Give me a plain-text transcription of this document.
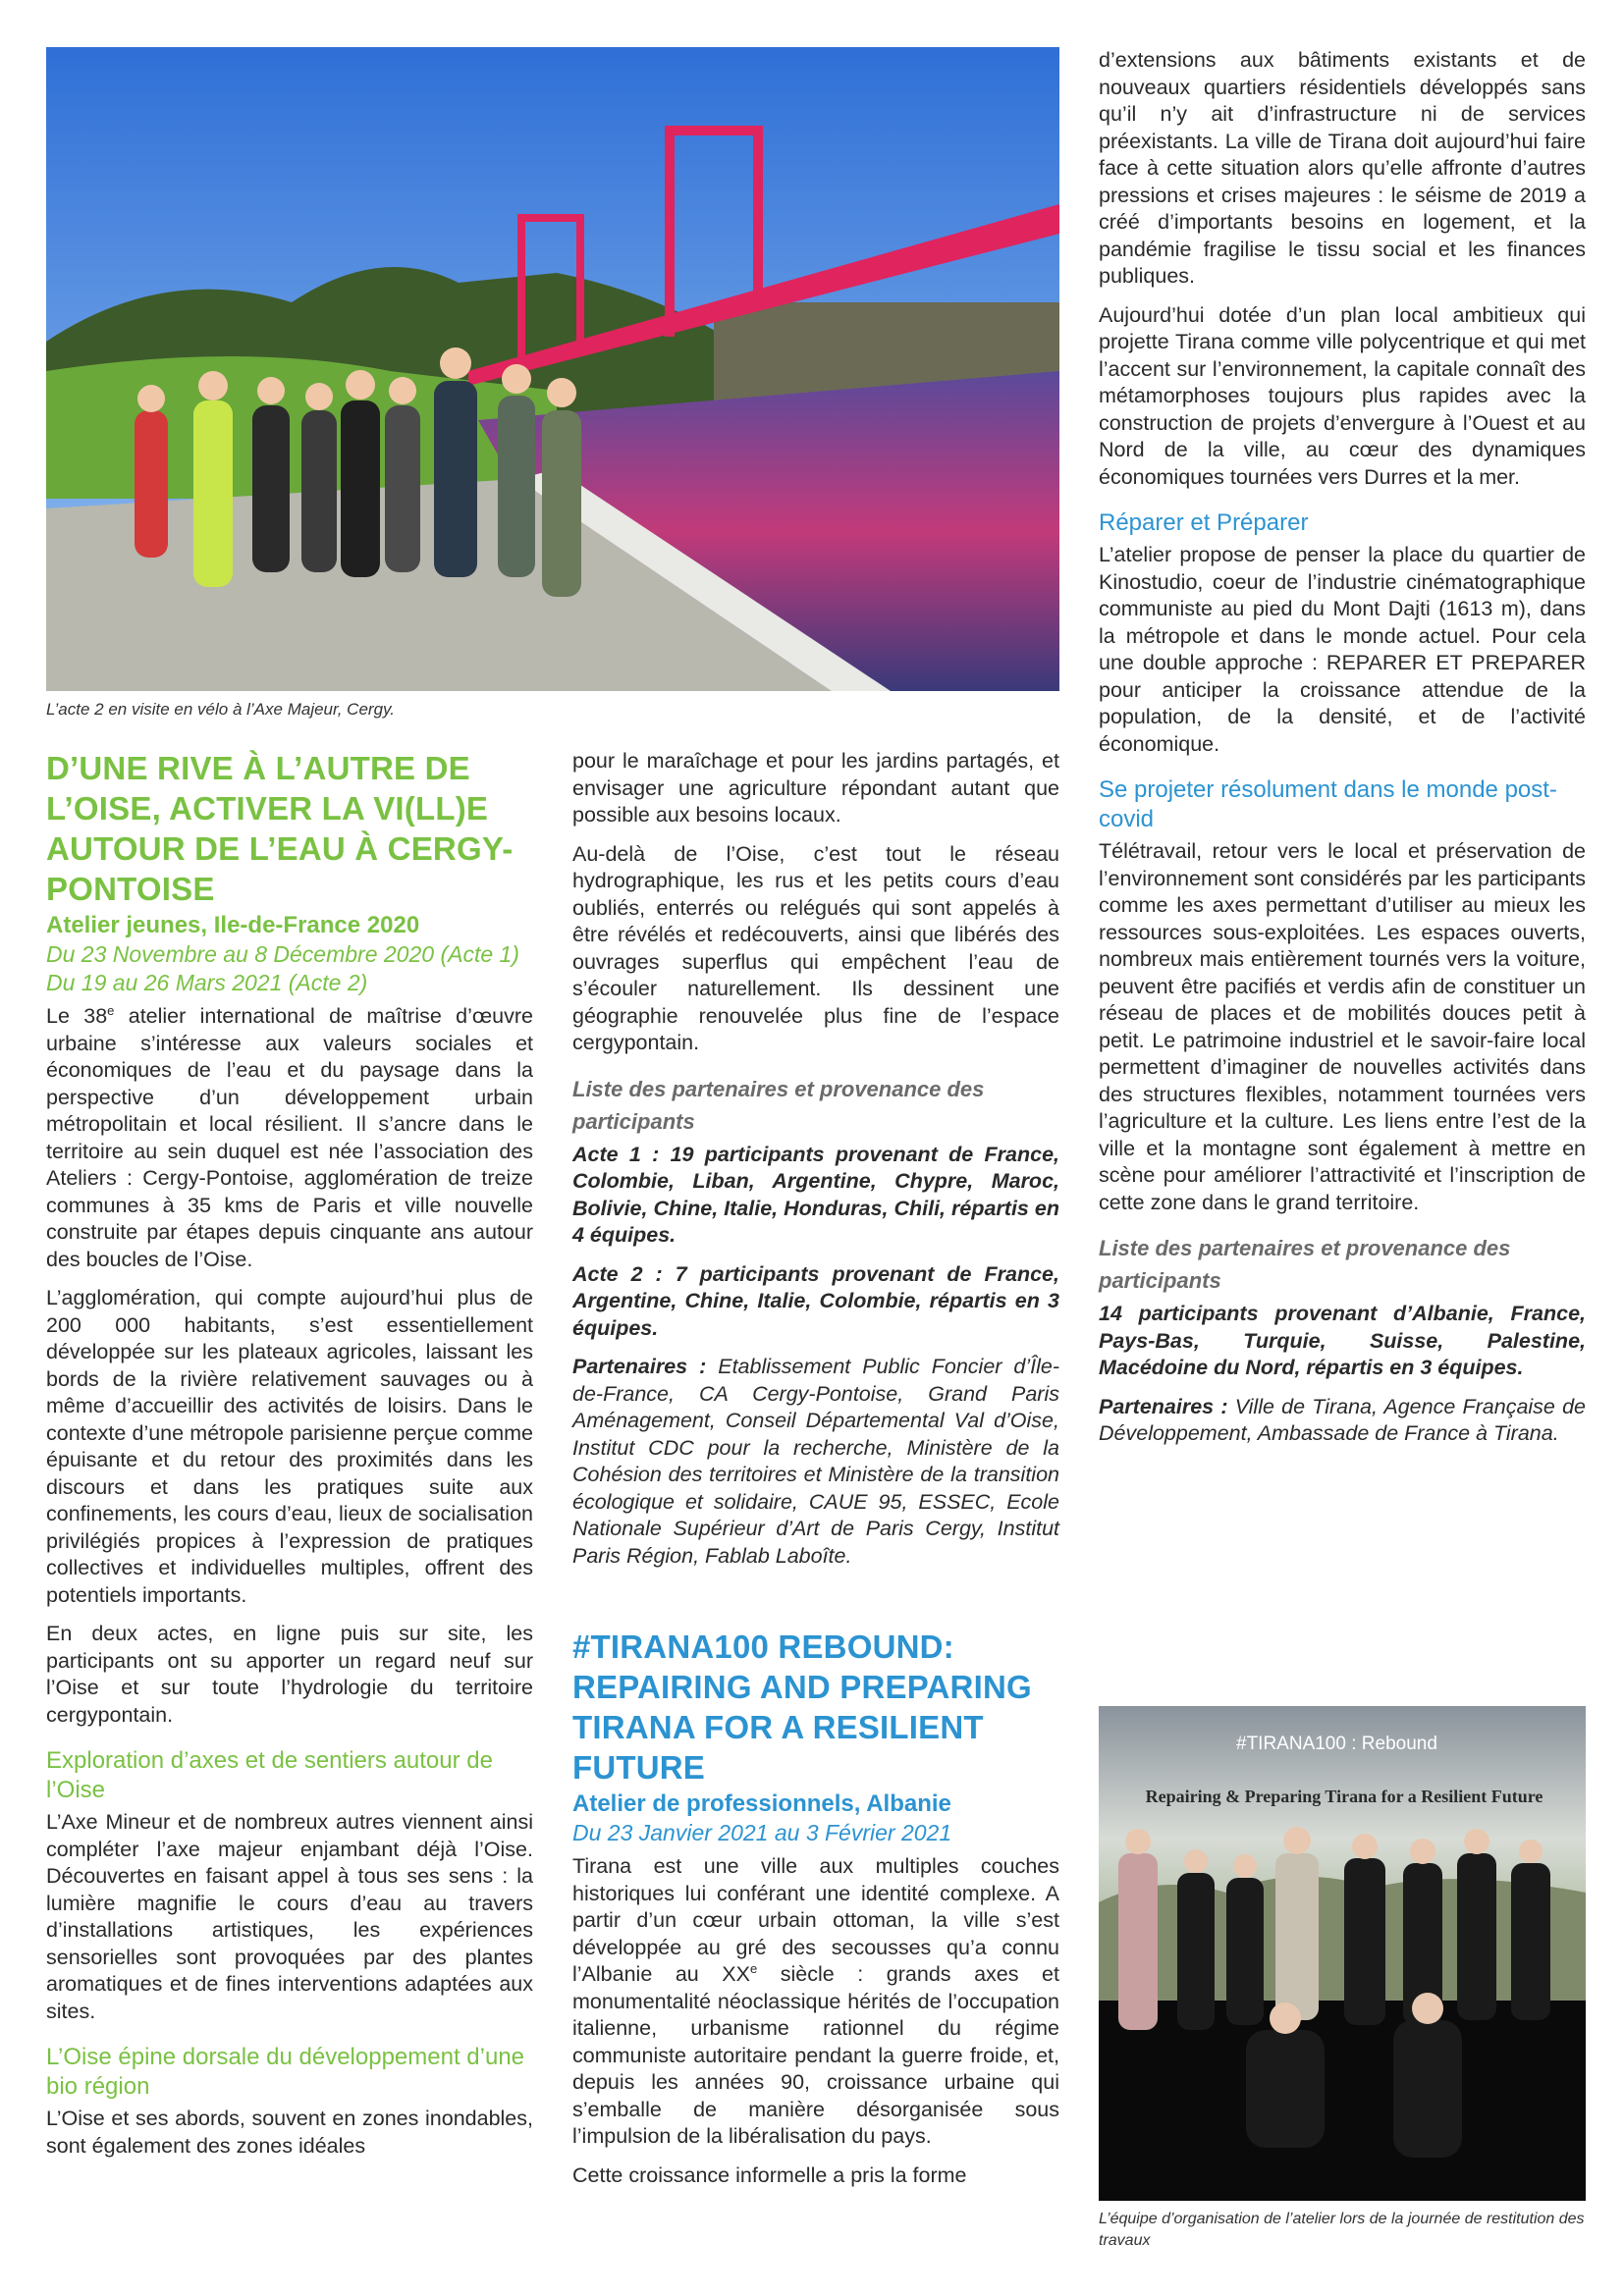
L’acte 2 en visite en vélo à l’Axe Majeur, Cergy.
D’UNE RIVE À L’AUTRE DE L’OISE, ACTIVER LA VI(LL)E AUTOUR DE L’EAU À CERGY-PONTOISE
Atelier jeunes, Ile-de-France 2020
Du 23 Novembre au 8 Décembre 2020 (Acte 1)
Du 19 au 26 Mars 2021 (Acte 2)

Le 38e atelier international de maîtrise d’œuvre urbaine s’intéresse aux valeurs sociales et économiques de l’eau et du paysage dans la perspective d’un développement urbain métropolitain et local résilient. Il s’ancre dans le territoire au sein duquel est née l’association des Ateliers : Cergy-Pontoise, agglomération de treize communes à 35 kms de Paris et ville nouvelle construite par étapes depuis cinquante ans autour des boucles de l’Oise.

L’agglomération, qui compte aujourd’hui plus de 200 000 habitants, s’est essentiellement développée sur les plateaux agricoles, laissant les bords de la rivière relativement sauvages ou à même d’accueillir des activités de loisirs. Dans le contexte d’une métropole parisienne perçue comme épuisante et du retour des proximités dans les discours et dans les pratiques suite aux confinements, les cours d’eau, lieux de socialisation privilégiés propices à l’expression de pratiques collectives et individuelles multiples, offrent des potentiels importants.

En deux actes, en ligne puis sur site, les participants ont su apporter un regard neuf sur l’Oise et sur toute l’hydrologie du territoire cergypontain.

Exploration d’axes et de sentiers autour de l’Oise

L’Axe Mineur et de nombreux autres viennent ainsi compléter l’axe majeur enjambant déjà l’Oise. Découvertes en faisant appel à tous ses sens : la lumière magnifie le cours d’eau au travers d’installations artistiques, les expériences sensorielles sont provoquées par des plantes aromatiques et de fines interventions adaptées aux sites.

L’Oise épine dorsale du développement d’une bio région

L’Oise et ses abords, souvent en zones inondables, sont également des zones idéales

pour le maraîchage et pour les jardins partagés, et envisager une agriculture répondant autant que possible aux besoins locaux.

Au-delà de l’Oise, c’est tout le réseau hydrographique, les rus et les petits cours d’eau oubliés, enterrés ou relégués qui sont appelés à être révélés et redécouverts, ainsi que libérés des ouvrages superflus qui empêchent l’eau de s’écouler naturellement. Ils dessinent une géographie renouvelée plus fine de l’espace cergypontain.

Liste des partenaires et provenance des participants

Acte 1 : 19 participants provenant de France, Colombie, Liban, Argentine, Chypre, Maroc, Bolivie, Chine, Italie, Honduras, Chili, répartis en 4 équipes.

Acte 2 : 7 participants provenant de France, Argentine, Chine, Italie, Colombie, répartis en 3 équipes.

Partenaires : Etablissement Public Foncier d’Île-de-France, CA Cergy-Pontoise, Grand Paris Aménagement, Conseil Départemental Val d’Oise, Institut CDC pour la recherche, Ministère de la Cohésion des territoires et Ministère de la transition écologique et solidaire, CAUE 95, ESSEC, Ecole Nationale Supérieur d’Art de Paris Cergy, Institut Paris Région, Fablab Laboîte.

#TIRANA100 REBOUND: REPAIRING AND PREPARING TIRANA FOR A RESILIENT FUTURE
Atelier de professionnels, Albanie
Du 23 Janvier 2021 au 3 Février 2021

Tirana est une ville aux multiples couches historiques lui conférant une identité complexe. A partir d’un cœur urbain ottoman, la ville s’est développée au gré des secousses qu’a connu l’Albanie au XXe siècle : grands axes et monumentalité néoclassique hérités de l’occupation italienne, urbanisme rationnel du régime communiste autoritaire pendant la guerre froide, et, depuis les années 90, croissance urbaine qui s’emballe de manière désorganisée sous l’impulsion de la libéralisation du pays.

Cette croissance informelle a pris la forme

d’extensions aux bâtiments existants et de nouveaux quartiers résidentiels développés sans qu’il n’y ait d’infrastructure ni de services préexistants. La ville de Tirana doit aujourd’hui faire face à cette situation alors qu’elle affronte d’autres pressions et crises majeures : le séisme de 2019 a créé d’importants besoins en logement, et la pandémie fragilise le tissu social et les finances publiques.

Aujourd’hui dotée d’un plan local ambitieux qui projette Tirana comme ville polycentrique et qui met l’accent sur l’environnement, la capitale connaît des métamorphoses toujours plus rapides avec la construction de projets d’envergure à l’Ouest et au Nord de la ville, au cœur des dynamiques économiques tournées vers Durres et la mer.

Réparer et Préparer

L’atelier propose de penser la place du quartier de Kinostudio, coeur de l’industrie cinématographique communiste au pied du Mont Dajti (1613 m), dans la métropole et dans le monde actuel. Pour cela une double approche : REPARER ET PREPARER pour anticiper la croissance attendue de la population, de la densité, et de l’activité économique.

Se projeter résolument dans le monde post-covid

Télétravail, retour vers le local et préservation de l’environnement sont considérés par les participants comme les axes permettant d’utiliser au mieux les ressources sous-exploitées. Les espaces ouverts, nombreux mais entièrement tournés vers la voiture, peuvent être pacifiés et verdis afin de constituer un réseau de places et de mobilités douces petit à petit. Le patrimoine industriel et le savoir-faire local permettent d’imaginer de nouvelles activités dans des structures flexibles, notamment tournées vers l’agriculture et la culture. Les liens entre l’est de la ville et la montagne sont également à mettre en scène pour améliorer l’attractivité et l’inscription de cette zone dans le grand territoire.

Liste des partenaires et provenance des participants

14 participants provenant d’Albanie, France, Pays-Bas, Turquie, Suisse, Palestine, Macédoine du Nord, répartis en 3 équipes.

Partenaires : Ville de Tirana, Agence Française de Développement, Ambassade de France à Tirana.

#TIRANA100 : Rebound
Repairing & Preparing Tirana for a Resilient Future
L’équipe d’organisation de l’atelier lors de la journée de restitution des travaux
